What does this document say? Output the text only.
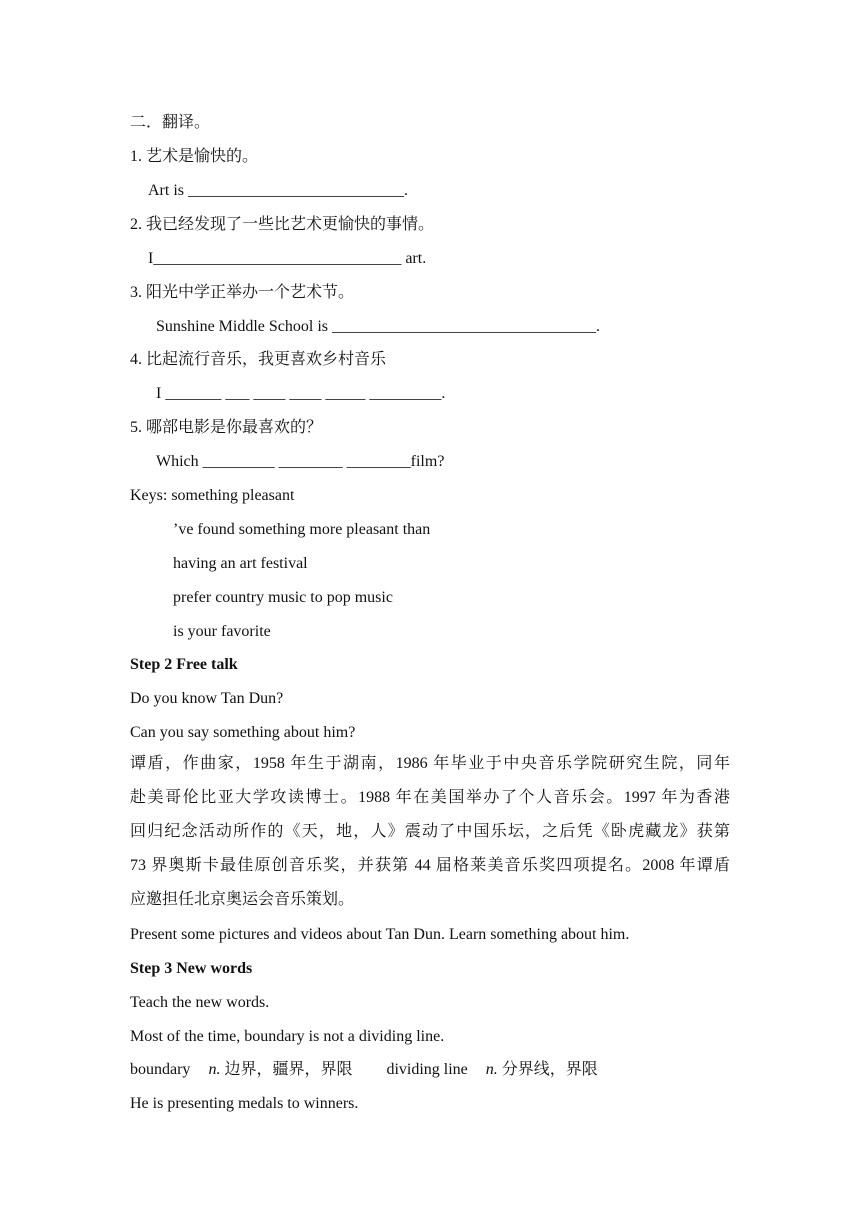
二．翻译。
1. 艺术是愉快的。
Art is ___________________________.
2. 我已经发现了一些比艺术更愉快的事情。
I_______________________________ art.
3. 阳光中学正举办一个艺术节。
Sunshine Middle School is _________________________________.
4. 比起流行音乐，我更喜欢乡村音乐
I _______ ___ ____ ____ _____ _________.
5. 哪部电影是你最喜欢的？
Which _________ ________ ________film?
Keys: something pleasant
’ve found something more pleasant than
having an art festival
prefer country music to pop music
is your favorite
Step 2 Free talk
Do you know Tan Dun?
Can you say something about him?
谭盾，作曲家，1958 年生于湖南，1986 年毕业于中央音乐学院研究生院，同年
赴美哥伦比亚大学攻读博士。1988 年在美国举办了个人音乐会。1997 年为香港
回归纪念活动所作的《天，地，人》震动了中国乐坛，之后凭《卧虎藏龙》获第
73 界奥斯卡最佳原创音乐奖，并获第 44 届格莱美音乐奖四项提名。2008 年谭盾
应邀担任北京奥运会音乐策划。
Present some pictures and videos about Tan Dun. Learn something about him.
Step 3 New words
Teach the new words.
Most of the time, boundary is not a dividing line.
boundary n. 边界，疆界，界限 dividing line n. 分界线，界限
He is presenting medals to winners.
